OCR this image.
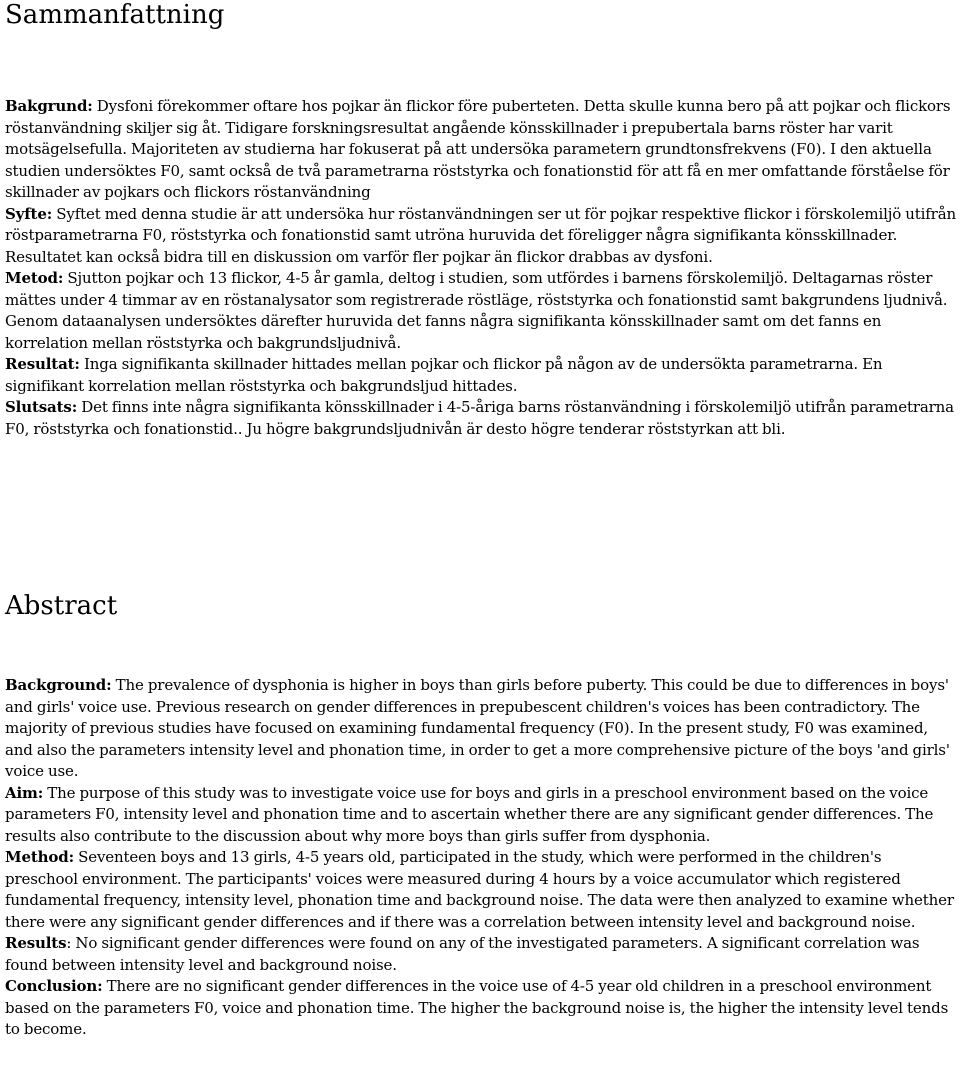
Sammanfattning

Bakgrund: Dysfoni förekommer oftare hos pojkar än flickor före puberteten. Detta skulle kunna bero på att pojkar och flickors röstanvändning skiljer sig åt. Tidigare forskningsresultat angående könsskillnader i prepubertala barns röster har varit motsägelsefulla. Majoriteten av studierna har fokuserat på att undersöka parametern grundtonsfrekvens (F0). I den aktuella studien undersöktes F0, samt också de två parametrarna röststyrka och fonationstid för att få en mer omfattande förståelse för skillnader av pojkars och flickors röstanvändning

Syfte: Syftet med denna studie är att undersöka hur röstanvändningen ser ut för pojkar respektive flickor i förskolemiljö utifrån röstparametrarna F0, röststyrka och fonationstid samt utröna huruvida det föreligger några signifikanta könsskillnader. Resultatet kan också bidra till en diskussion om varför fler pojkar än flickor drabbas av dysfoni.

Metod: Sjutton pojkar och 13 flickor, 4-5 år gamla, deltog i studien, som utfördes i barnens förskolemiljö. Deltagarnas röster mättes under 4 timmar av en röstanalysator som registrerade röstläge, röststyrka och fonationstid samt bakgrundens ljudnivå. Genom dataanalysen undersöktes därefter huruvida det fanns några signifikanta könsskillnader samt om det fanns en korrelation mellan röststyrka och bakgrundsljudnivå.

Resultat: Inga signifikanta skillnader hittades mellan pojkar och flickor på någon av de undersökta parametrarna. En signifikant korrelation mellan röststyrka och bakgrundsljud hittades.

Slutsats: Det finns inte några signifikanta könsskillnader i 4-5-åriga barns röstanvändning i förskolemiljö utifrån parametrarna F0, röststyrka och fonationstid.. Ju högre bakgrundsljudnivån är desto högre tenderar röststyrkan att bli.

Abstract

Background: The prevalence of dysphonia is higher in boys than girls before puberty. This could be due to differences in boys' and girls' voice use. Previous research on gender differences in prepubescent children's voices has been contradictory. The majority of previous studies have focused on examining fundamental frequency (F0). In the present study, F0 was examined, and also the parameters intensity level and phonation time, in order to get a more comprehensive picture of the boys 'and girls' voice use.

Aim: The purpose of this study was to investigate voice use for boys and girls in a preschool environment based on the voice parameters F0, intensity level and phonation time and to ascertain whether there are any significant gender differences. The results also contribute to the discussion about why more boys than girls suffer from dysphonia.

Method: Seventeen boys and 13 girls, 4-5 years old, participated in the study, which were performed in the children's preschool environment. The participants' voices were measured during 4 hours by a voice accumulator which registered fundamental frequency, intensity level, phonation time and background noise. The data were then analyzed to examine whether there were any significant gender differences and if there was a correlation between intensity level and background noise.

Results: No significant gender differences were found on any of the investigated parameters. A significant correlation was found between intensity level and background noise.

Conclusion: There are no significant gender differences in the voice use of 4-5 year old children in a preschool environment based on the parameters F0, voice and phonation time. The higher the background noise is, the higher the intensity level tends to become.
